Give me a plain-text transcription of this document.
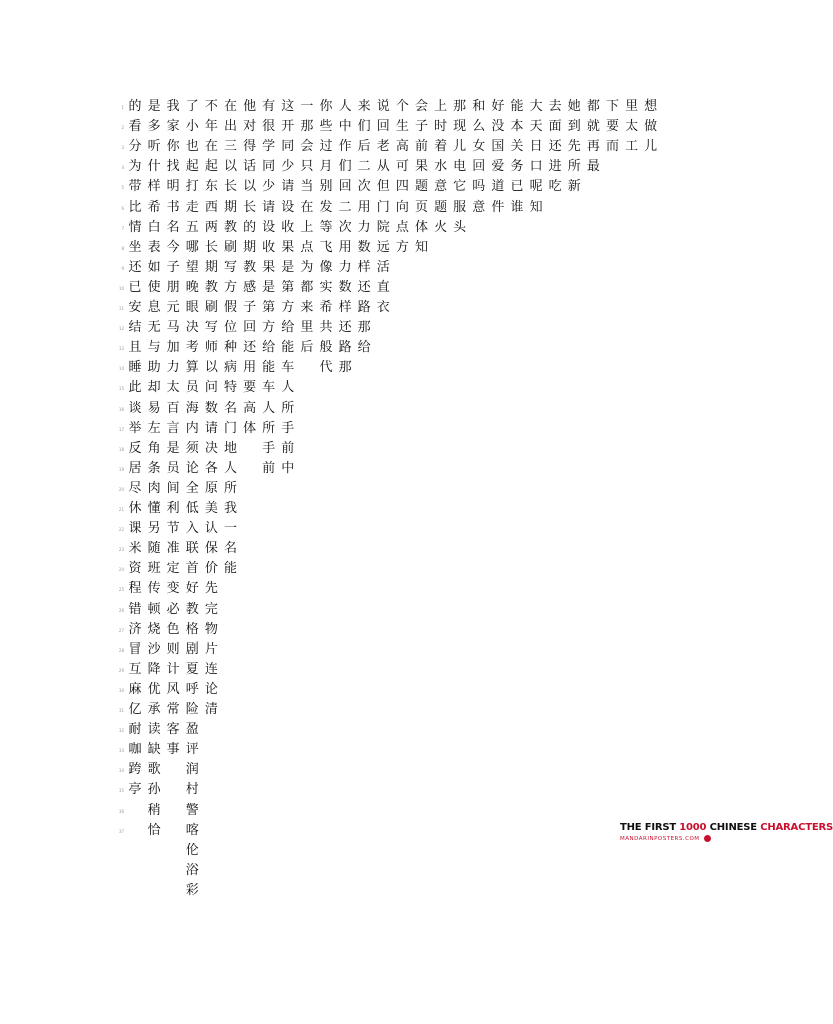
1
2
3
4
5
6
7
8
9
10
11
12
13
14
15
16
17
18
19
20
21
22
23
24
25
26
27
28
29
30
31
32
33
34
35
36
37
的
看
分
为
带
比
情
坐
还
已
安
结
且
睡
此
谈
举
反
居
尽
休
课
米
资
程
错
济
冒
互
麻
亿
耐
咖
跨
亭
是
多
听
什
样
希
白
表
如
使
息
无
与
助
却
易
左
角
条
肉
懂
另
随
班
传
顿
烧
沙
降
优
承
读
缺
歌
孙
稍
恰
我
家
你
找
明
书
名
今
子
朋
元
马
加
力
太
百
言
是
员
间
利
节
准
定
变
必
色
则
计
风
常
客
事
了
小
也
起
打
走
五
哪
望
晚
眼
决
考
算
员
海
内
须
论
全
低
入
联
首
好
教
格
剧
夏
呼
险
盈
评
润
村
警
喀
伦
浴
彩
不
年
在
起
东
西
两
长
期
教
刷
写
师
以
问
数
请
决
各
原
美
认
保
价
先
完
物
片
连
论
清
在
出
三
以
长
期
教
刷
写
方
假
位
种
病
特
名
门
地
人
所
我
一
名
能
他
对
得
话
以
长
的
期
教
感
子
回
还
用
要
高
体
有
很
学
同
少
请
设
收
果
是
第
方
给
能
车
人
所
手
前
这
开
同
少
请
设
收
果
是
第
方
给
能
车
人
所
手
前
中
一
那
会
只
当
在
上
点
为
都
来
里
后
你
些
过
月
别
发
等
飞
像
实
希
共
般
代
人
中
作
们
回
二
次
用
力
数
样
还
路
那
来
们
后
二
次
用
力
数
样
还
路
那
给
说
回
老
从
但
门
院
远
活
直
衣
个
生
高
可
四
向
点
方
会
子
前
果
题
页
体
知
上
时
着
水
意
题
火
那
现
儿
电
它
服
头
和
么
女
回
吗
意
好
没
国
爱
道
件
能
本
关
务
已
谁
大
天
日
口
呢
知
去
面
还
进
吃
她
到
先
所
新
都
就
再
最
下
要
而
里
太
工
想
做
儿
THE FIRST 1000 CHINESE CHARACTERS
MANDARINPOSTERS.COM
